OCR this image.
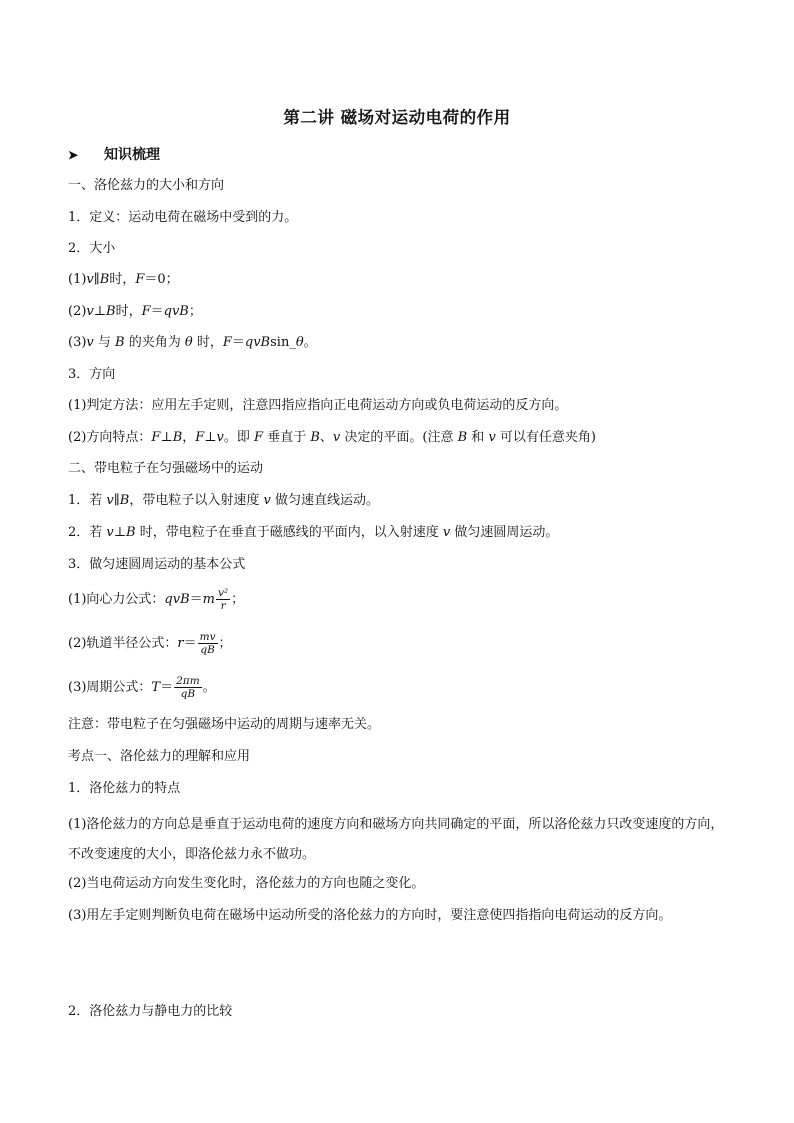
第二讲 磁场对运动电荷的作用
➤ 知识梳理
一、洛伦兹力的大小和方向
1．定义：运动电荷在磁场中受到的力。
2．大小
(1)v∥B时，F＝0；
(2)v⊥B时，F＝qvB；
(3)v 与 B 的夹角为 θ 时，F＝qvBsin_θ。
3．方向
(1)判定方法：应用左手定则，注意四指应指向正电荷运动方向或负电荷运动的反方向。
(2)方向特点：F⊥B，F⊥v。即 F 垂直于 B、v 决定的平面。(注意 B 和 v 可以有任意夹角)
二、带电粒子在匀强磁场中的运动
1．若 v∥B，带电粒子以入射速度 v 做匀速直线运动。
2．若 v⊥B 时，带电粒子在垂直于磁感线的平面内，以入射速度 v 做匀速圆周运动。
3．做匀速圆周运动的基本公式
(1)向心力公式：$qvB=m \frac{\text{v²}}{r}$ ；
(2)轨道半径公式：$r= \frac{mv}{qB}$ ；
(3)周期公式：$T= \frac{2\pi m}{qB}$ 。
注意：带电粒子在匀强磁场中运动的周期与速率无关。
考点一、洛伦兹力的理解和应用
1．洛伦兹力的特点
(1)洛伦兹力的方向总是垂直于运动电荷的速度方向和磁场方向共同确定的平面，所以洛伦兹力只改变速度的方向，不改变速度的大小，即洛伦兹力永不做功。
(2)当电荷运动方向发生变化时，洛伦兹力的方向也随之变化。
(3)用左手定则判断负电荷在磁场中运动所受的洛伦兹力的方向时，要注意使四指指向电荷运动的反方向。
2．洛伦兹力与静电力的比较
